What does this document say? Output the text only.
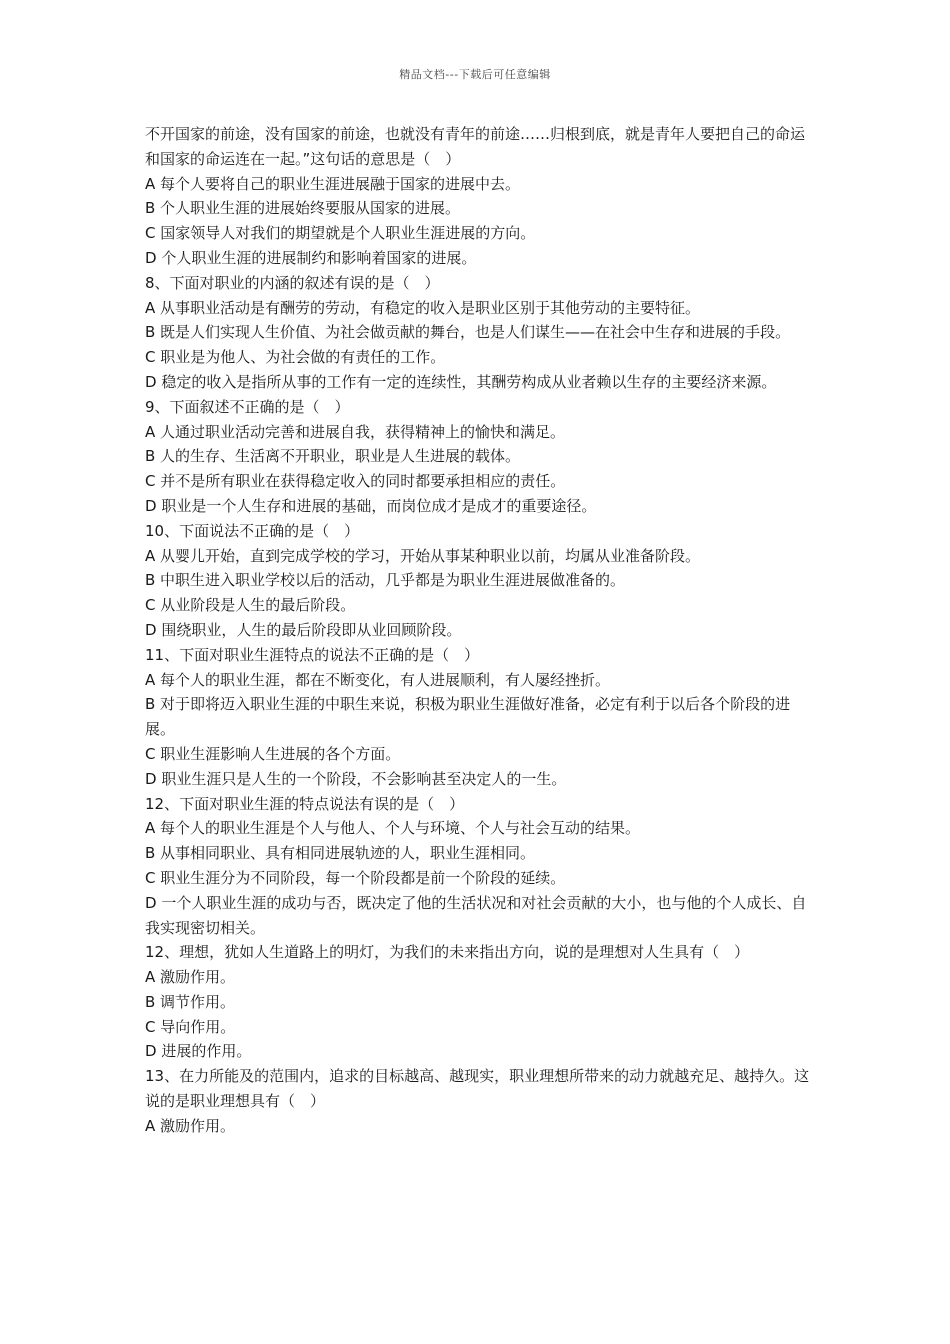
精品文档---下载后可任意编辑

不开国家的前途，没有国家的前途，也就没有青年的前途……归根到底，就是青年人要把自己的命运和国家的命运连在一起。”这句话的意思是（　）

A 每个人要将自己的职业生涯进展融于国家的进展中去。

B 个人职业生涯的进展始终要服从国家的进展。

C 国家领导人对我们的期望就是个人职业生涯进展的方向。

D 个人职业生涯的进展制约和影响着国家的进展。

8、下面对职业的内涵的叙述有误的是（　）

A 从事职业活动是有酬劳的劳动，有稳定的收入是职业区别于其他劳动的主要特征。

B 既是人们实现人生价值、为社会做贡献的舞台，也是人们谋生——在社会中生存和进展的手段。

C 职业是为他人、为社会做的有责任的工作。

D 稳定的收入是指所从事的工作有一定的连续性，其酬劳构成从业者赖以生存的主要经济来源。

9、下面叙述不正确的是（　）

A 人通过职业活动完善和进展自我，获得精神上的愉快和满足。

B 人的生存、生活离不开职业，职业是人生进展的载体。

C 并不是所有职业在获得稳定收入的同时都要承担相应的责任。

D 职业是一个人生存和进展的基础，而岗位成才是成才的重要途径。

10、下面说法不正确的是（　）

A 从婴儿开始，直到完成学校的学习，开始从事某种职业以前，均属从业准备阶段。

B 中职生进入职业学校以后的活动，几乎都是为职业生涯进展做准备的。

C 从业阶段是人生的最后阶段。

D 围绕职业，人生的最后阶段即从业回顾阶段。

11、下面对职业生涯特点的说法不正确的是（　）

A 每个人的职业生涯，都在不断变化，有人进展顺利，有人屡经挫折。

B 对于即将迈入职业生涯的中职生来说，积极为职业生涯做好准备，必定有利于以后各个阶段的进展。

C 职业生涯影响人生进展的各个方面。

D 职业生涯只是人生的一个阶段，不会影响甚至决定人的一生。

12、下面对职业生涯的特点说法有误的是（　）

A 每个人的职业生涯是个人与他人、个人与环境、个人与社会互动的结果。

B 从事相同职业、具有相同进展轨迹的人，职业生涯相同。

C 职业生涯分为不同阶段，每一个阶段都是前一个阶段的延续。

D 一个人职业生涯的成功与否，既决定了他的生活状况和对社会贡献的大小，也与他的个人成长、自我实现密切相关。

12、理想，犹如人生道路上的明灯，为我们的未来指出方向，说的是理想对人生具有（　）

A 激励作用。

B 调节作用。

C 导向作用。

D 进展的作用。

13、在力所能及的范围内，追求的目标越高、越现实，职业理想所带来的动力就越充足、越持久。这说的是职业理想具有（　）

A 激励作用。
